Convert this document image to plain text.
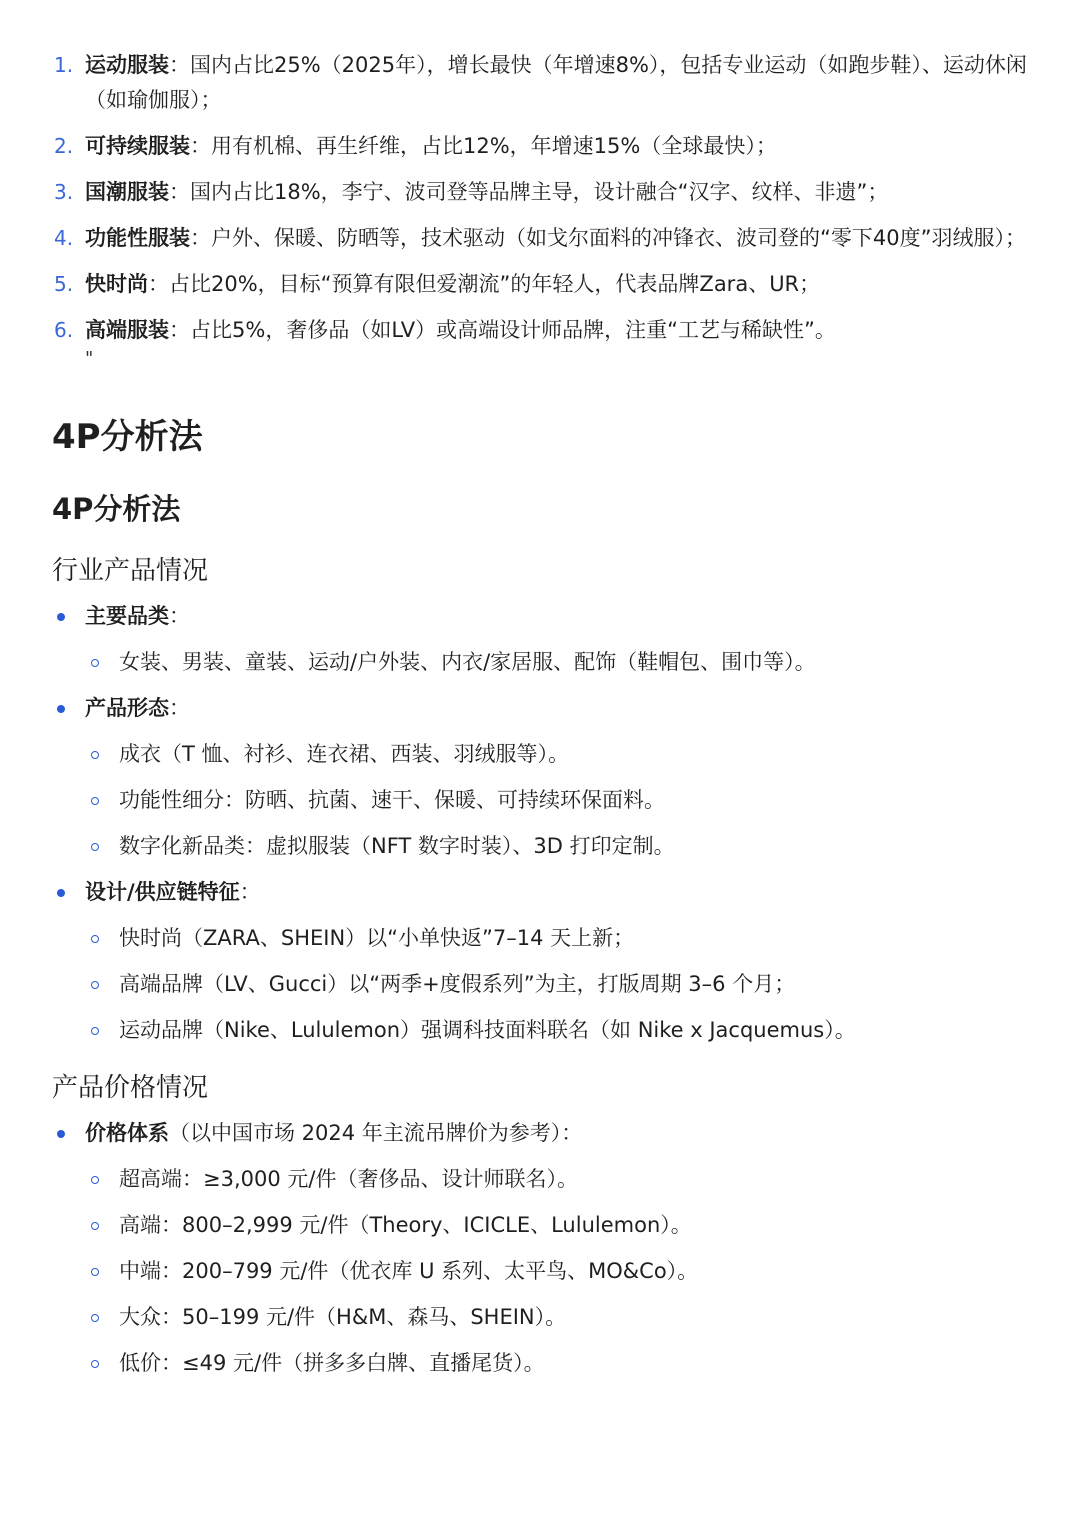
1. 运动服装：国内占比25%（2025年），增长最快（年增速8%），包括专业运动（如跑步鞋）、运动休闲（如瑜伽服）；
2. 可持续服装：用有机棉、再生纤维，占比12%，年增速15%（全球最快）；
3. 国潮服装：国内占比18%，李宁、波司登等品牌主导，设计融合“汉字、纹样、非遗”；
4. 功能性服装：户外、保暖、防晒等，技术驱动（如戈尔面料的冲锋衣、波司登的“零下40度”羽绒服）；
5. 快时尚：占比20%，目标“预算有限但爱潮流”的年轻人，代表品牌Zara、UR；
6. 高端服装：占比5%，奢侈品（如LV）或高端设计师品牌，注重“工艺与稀缺性”。
"
4P分析法
4P分析法
行业产品情况
主要品类：
女装、男装、童装、运动/户外装、内衣/家居服、配饰（鞋帽包、围巾等）。
产品形态：
成衣（T 恤、衬衫、连衣裙、西装、羽绒服等）。
功能性细分：防晒、抗菌、速干、保暖、可持续环保面料。
数字化新品类：虚拟服装（NFT 数字时装）、3D 打印定制。
设计/供应链特征：
快时尚（ZARA、SHEIN）以“小单快返”7–14 天上新；
高端品牌（LV、Gucci）以“两季+度假系列”为主，打版周期 3–6 个月；
运动品牌（Nike、Lululemon）强调科技面料联名（如 Nike x Jacquemus）。
产品价格情况
价格体系（以中国市场 2024 年主流吊牌价为参考）：
超高端：≥3,000 元/件（奢侈品、设计师联名）。
高端：800–2,999 元/件（Theory、ICICLE、Lululemon）。
中端：200–799 元/件（优衣库 U 系列、太平鸟、MO&Co）。
大众：50–199 元/件（H&M、森马、SHEIN）。
低价：≤49 元/件（拼多多白牌、直播尾货）。
